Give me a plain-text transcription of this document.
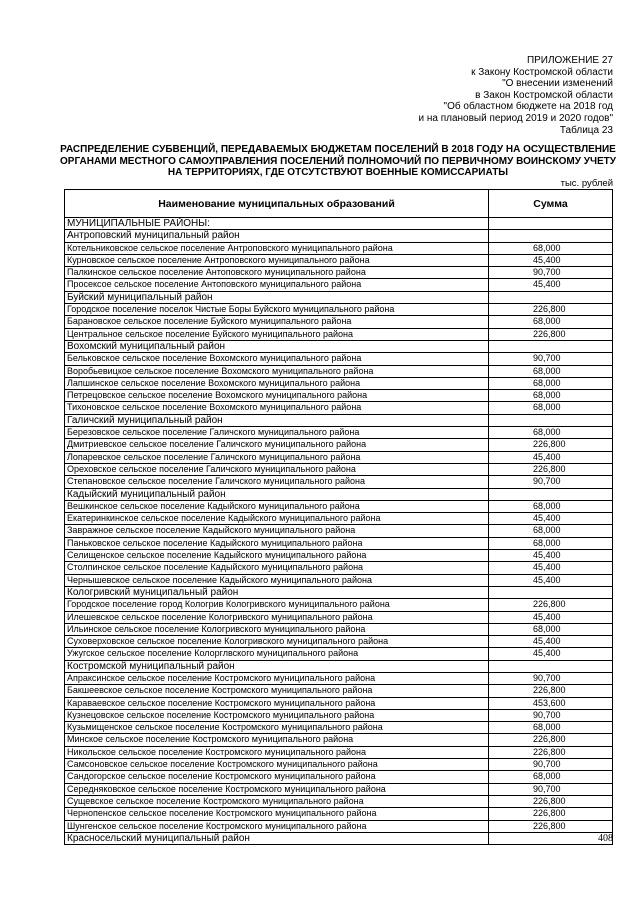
ПРИЛОЖЕНИЕ 27
к Закону Костромской области
"О внесении изменений
в Закон Костромской области
"Об областном бюджете на 2018 год
и на плановый период 2019 и 2020 годов"
Таблица 23
РАСПРЕДЕЛЕНИЕ СУБВЕНЦИЙ, ПЕРЕДАВАЕМЫХ БЮДЖЕТАМ ПОСЕЛЕНИЙ В 2018 ГОДУ НА ОСУЩЕСТВЛЕНИЕ
ОРГАНАМИ МЕСТНОГО САМОУПРАВЛЕНИЯ ПОСЕЛЕНИЙ ПОЛНОМОЧИЙ ПО ПЕРВИЧНОМУ ВОИНСКОМУ УЧЕТУ
НА ТЕРРИТОРИЯХ, ГДЕ ОТСУТСТВУЮТ ВОЕННЫЕ КОМИССАРИАТЫ
тыс. рублей
Наименование муниципальных образований	Сумма
МУНИЦИПАЛЬНЫЕ РАЙОНЫ:	
Антроповский муниципальный район	
Котельниковское сельское поселение Антроповского муниципального района	68,000
Курновское сельское поселение Антроповского муниципального района	45,400
Палкинское сельское поселение Антоповского муниципального района	90,700
Просексое сельское поселение Антоповского муниципального района	45,400
Буйский муниципальный район	
Городское поселение поселок Чистые Боры Буйского муниципального района	226,800
Барановское сельское поселение Буйского муниципального района	68,000
Центральное сельское поселение Буйского муниципального района	226,800
Вохомский муниципальный район	
Бельковское сельское поселение Вохомского муниципального района	90,700
Воробьевицкое сельское поселение Вохомского муниципального района	68,000
Лапшинское сельское поселение Вохомского муниципального района	68,000
Петрецовское сельское поселение Вохомского муниципального района	68,000
Тихоновское сельское поселение Вохомского муниципального района	68,000
Галичский муниципальный район	
Березовское сельское поселение Галичского муниципального района	68,000
Дмитриевское сельское поселение Галичского муниципального района	226,800
Лопаревское сельское поселение Галичского муниципального района	45,400
Ореховское сельское поселение Галичского муниципального района	226,800
Степановское сельское поселение Галичского муниципального района	90,700
Кадыйский муниципальный район	
Вешкинское сельское поселение Кадыйского муниципального района	68,000
Екатеринкинское сельское поселение Кадыйского муниципального района	45,400
Завражное сельское поселение Кадыйского муниципального района	68,000
Паньковское сельское поселение Кадыйского муниципального района	68,000
Селищенское сельское поселение Кадыйского муниципального района	45,400
Столпинское сельское поселение Кадыйского муниципального района	45,400
Чернышевское сельское поселение Кадыйского муниципального района	45,400
Кологривский муниципальный район	
Городское поселение город Кологрив Кологривского муниципального района	226,800
Илешевское сельское поселение Кологривского муниципального района	45,400
Ильинское сельское поселение Кологривского муниципального района	68,000
Суховерховское сельское поселение Кологривского муниципального района	45,400
Ужугское сельское поселение Колорглвского муниципального района	45,400
Костромской муниципальный район	
Апраксинское сельское поселение Костромского муниципального района	90,700
Бакшеевское сельское поселение Костромского муниципального района	226,800
Караваевское сельское поселение Костромского муниципального района	453,600
Кузнецовское сельское поселение Костромского муниципального района	90,700
Кузьмищенское сельское поселение Костромского муниципального района	68,000
Минское сельское поселение Костромского муниципального района	226,800
Никольское сельское поселение Костромского муниципального района	226,800
Самсоновское сельское поселение Костромского муниципального района	90,700
Сандогорское сельское поселение Костромского муниципального района	68,000
Середняковское сельское поселение Костромского муниципального района	90,700
Сущевское сельское поселение Костромского муниципального района	226,800
Чернопенское сельское поселение Костромского муниципального района	226,800
Шунгенское сельское поселение Костромского муниципального района	226,800
Красносельский муниципальный район		408
